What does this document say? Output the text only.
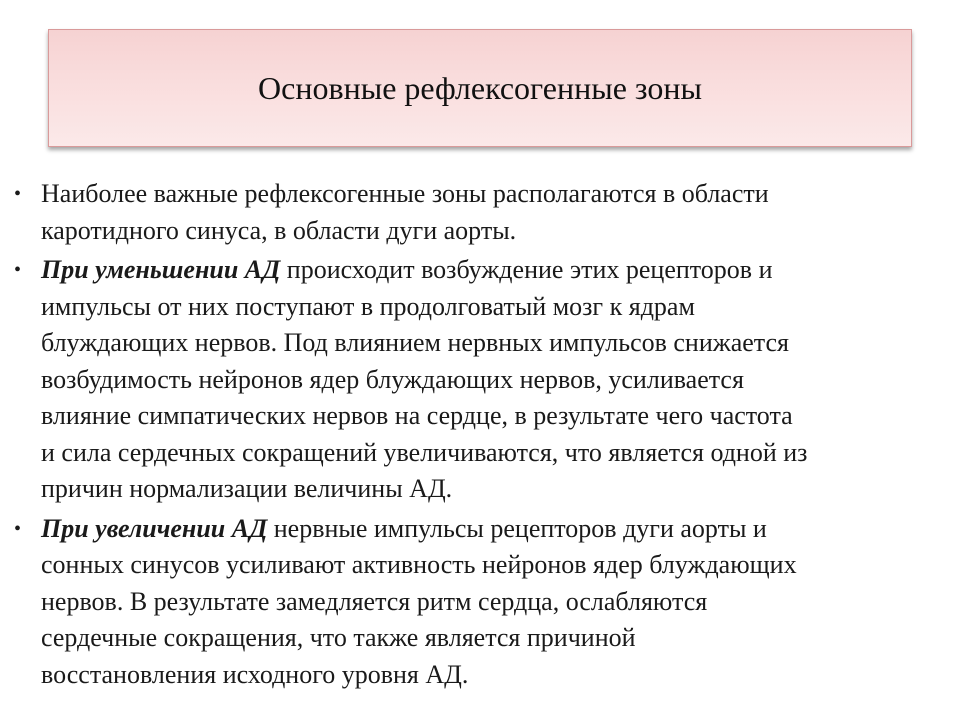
Основные рефлексогенные зоны
• Наиболее важные рефлексогенные зоны располагаются в области
каротидного синуса, в области дуги аорты.
• При уменьшении АД происходит возбуждение этих рецепторов и
импульсы от них поступают в продолговатый мозг к ядрам
блуждающих нервов. Под влиянием нервных импульсов снижается
возбудимость нейронов ядер блуждающих нервов, усиливается
влияние симпатических нервов на сердце, в результате чего частота
и сила сердечных сокращений увеличиваются, что является одной из
причин нормализации величины АД.
• При увеличении АД нервные импульсы рецепторов дуги аорты и
сонных синусов усиливают активность нейронов ядер блуждающих
нервов. В результате замедляется ритм сердца, ослабляются
сердечные сокращения, что также является причиной
восстановления исходного уровня АД.
